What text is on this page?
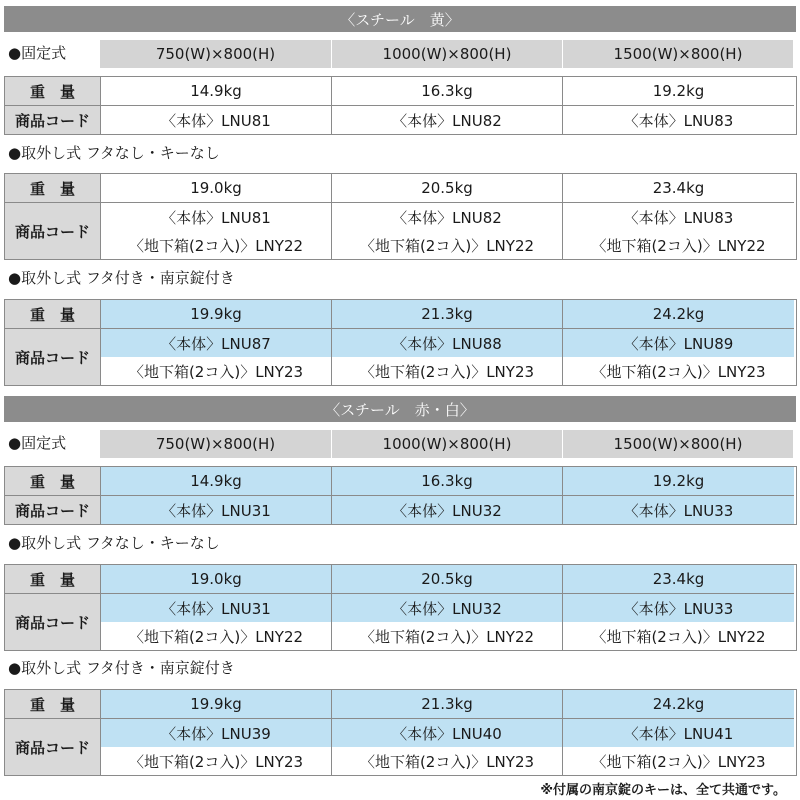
〈スチール　黄〉
●固定式	750(W)×800(H)	1000(W)×800(H)	1500(W)×800(H)
重　量	14.9kg	16.3kg	19.2kg
商品コード	〈本体〉LNU81	〈本体〉LNU82	〈本体〉LNU83
●取外し式 フタなし・キーなし
重　量	19.0kg	20.5kg	23.4kg
商品コード
〈本体〉LNU81	〈本体〉LNU82	〈本体〉LNU83
〈地下箱(2コ入)〉LNY22	〈地下箱(2コ入)〉LNY22	〈地下箱(2コ入)〉LNY22
●取外し式 フタ付き・南京錠付き
重　量	19.9kg	21.3kg	24.2kg
商品コード
〈本体〉LNU87	〈本体〉LNU88	〈本体〉LNU89
〈地下箱(2コ入)〉LNY23	〈地下箱(2コ入)〉LNY23	〈地下箱(2コ入)〉LNY23
〈スチール　赤・白〉
●固定式	750(W)×800(H)	1000(W)×800(H)	1500(W)×800(H)
重　量	14.9kg	16.3kg	19.2kg
商品コード	〈本体〉LNU31	〈本体〉LNU32	〈本体〉LNU33
●取外し式 フタなし・キーなし
重　量	19.0kg	20.5kg	23.4kg
商品コード
〈本体〉LNU31	〈本体〉LNU32	〈本体〉LNU33
〈地下箱(2コ入)〉LNY22	〈地下箱(2コ入)〉LNY22	〈地下箱(2コ入)〉LNY22
●取外し式 フタ付き・南京錠付き
重　量	19.9kg	21.3kg	24.2kg
商品コード
〈本体〉LNU39	〈本体〉LNU40	〈本体〉LNU41
〈地下箱(2コ入)〉LNY23	〈地下箱(2コ入)〉LNY23	〈地下箱(2コ入)〉LNY23
※付属の南京錠のキーは、全て共通です。
